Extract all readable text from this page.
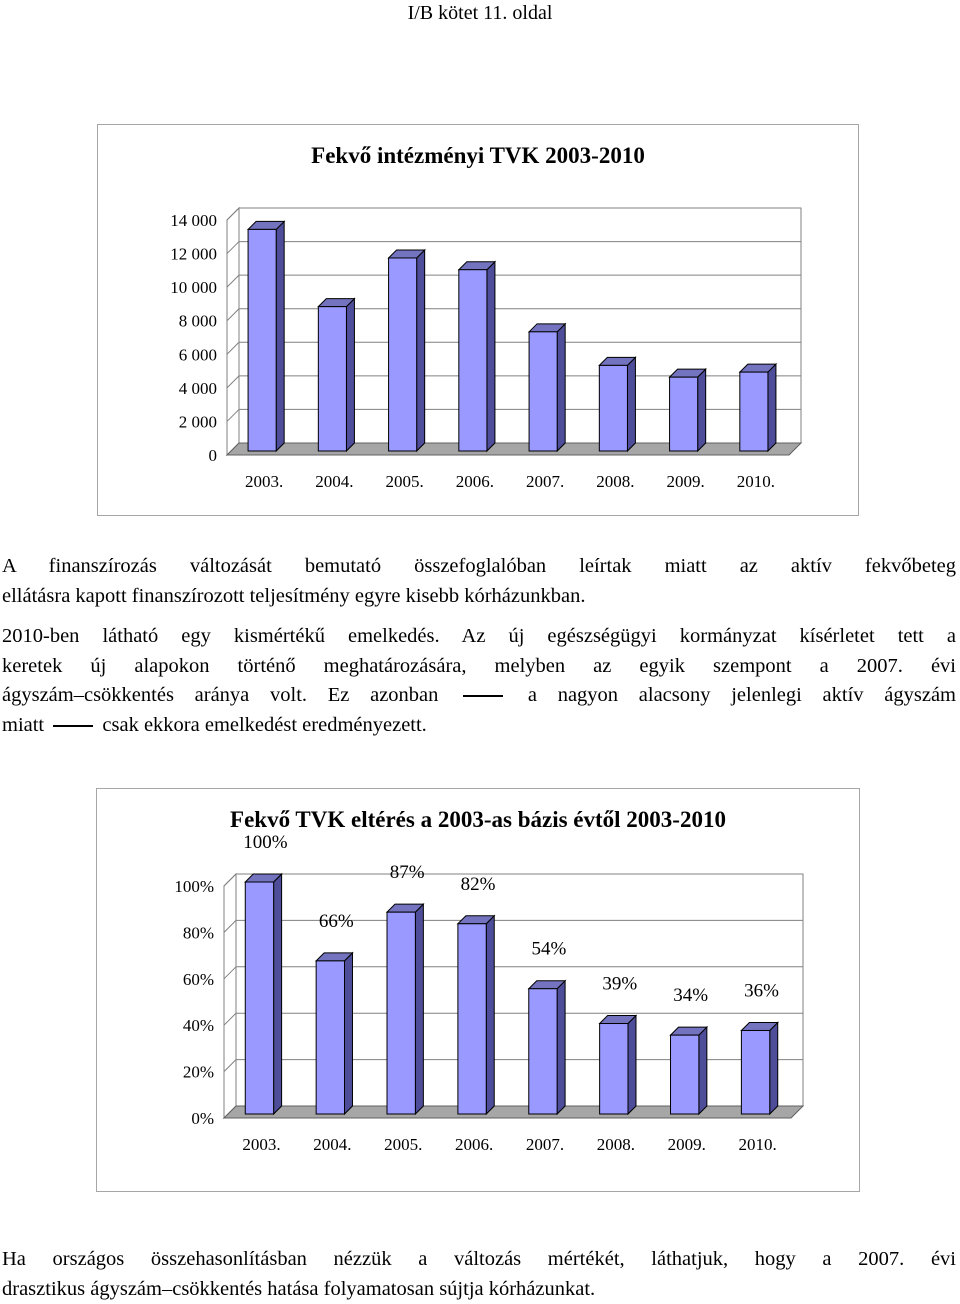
I/B kötet 11. oldal
Fekvő intézményi TVK 2003-2010
0
2 000
4 000
6 000
8 000
10 000
12 000
14 000
2003. 2004. 2005. 2006. 2007. 2008. 2009. 2010.

A finanszírozás változását bemutató összefoglalóban leírtak miatt az aktív fekvőbeteg
ellátásra kapott finanszírozott teljesítmény egyre kisebb kórházunkban.

2010-ben látható egy kismértékű emelkedés. Az új egészségügyi kormányzat kísérletet tett a
keretek új alapokon történő meghatározására, melyben az egyik szempont a 2007. évi
ágyszám–csökkentés aránya volt. Ez azonban	a nagyon alacsony jelenlegi aktív ágyszám
miatt	csak ekkora emelkedést eredményezett.

Fekvő TVK eltérés a 2003-as bázis évtől 2003-2010
0%
20%
40%
60%
80%
100%
2003.
100%
2004.
66%
2005.
87%
2006.
82%
2007.
54%
2008.
39%
2009.
34%
2010.
36%

Ha országos összehasonlításban nézzük a változás mértékét, láthatjuk, hogy a 2007. évi
drasztikus ágyszám–csökkentés hatása folyamatosan sújtja kórházunkat.
